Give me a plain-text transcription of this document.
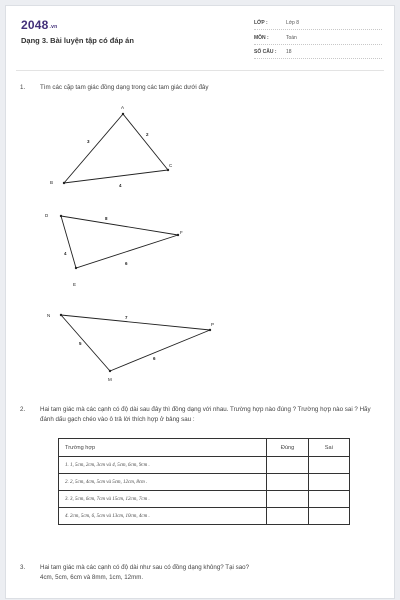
2048.vn
Dạng 3. Bài luyện tập có đáp án
LỚP :	Lớp 8
MÔN :	Toán
SỐ CÂU : 18
1. Tìm các cặp tam giác đồng dạng trong các tam giác dưới đây
A
B
C
3
2
4
D
E
F
8
4
6
N
M
P
7
5
6
2. Hai tam giác mà các cạnh có độ dài sau đây thì đồng dạng với nhau. Trường hợp nào đúng ? Trường hợp nào sai ? Hãy đánh dấu gạch chéo vào ô trả lời thích hợp ở bảng sau :
Trường hợp	Đúng	Sai
1. 1, 5cm, 2cm, 3cm và 4, 5cm, 6cm, 9cm .		
2. 2, 5cm, 4cm, 5cm và 5cm, 12cm, 8cm .		
3. 3, 5cm, 6cm, 7cm và 15cm, 12cm, 7cm .		
4. 2cm, 5cm, 6, 5cm và 13cm, 10cm, 4cm .		
3. Hai tam giác mà các cạnh có độ dài như sau có đồng dạng không? Tại sao?
4cm, 5cm, 6cm và 8mm, 1cm, 12mm.
